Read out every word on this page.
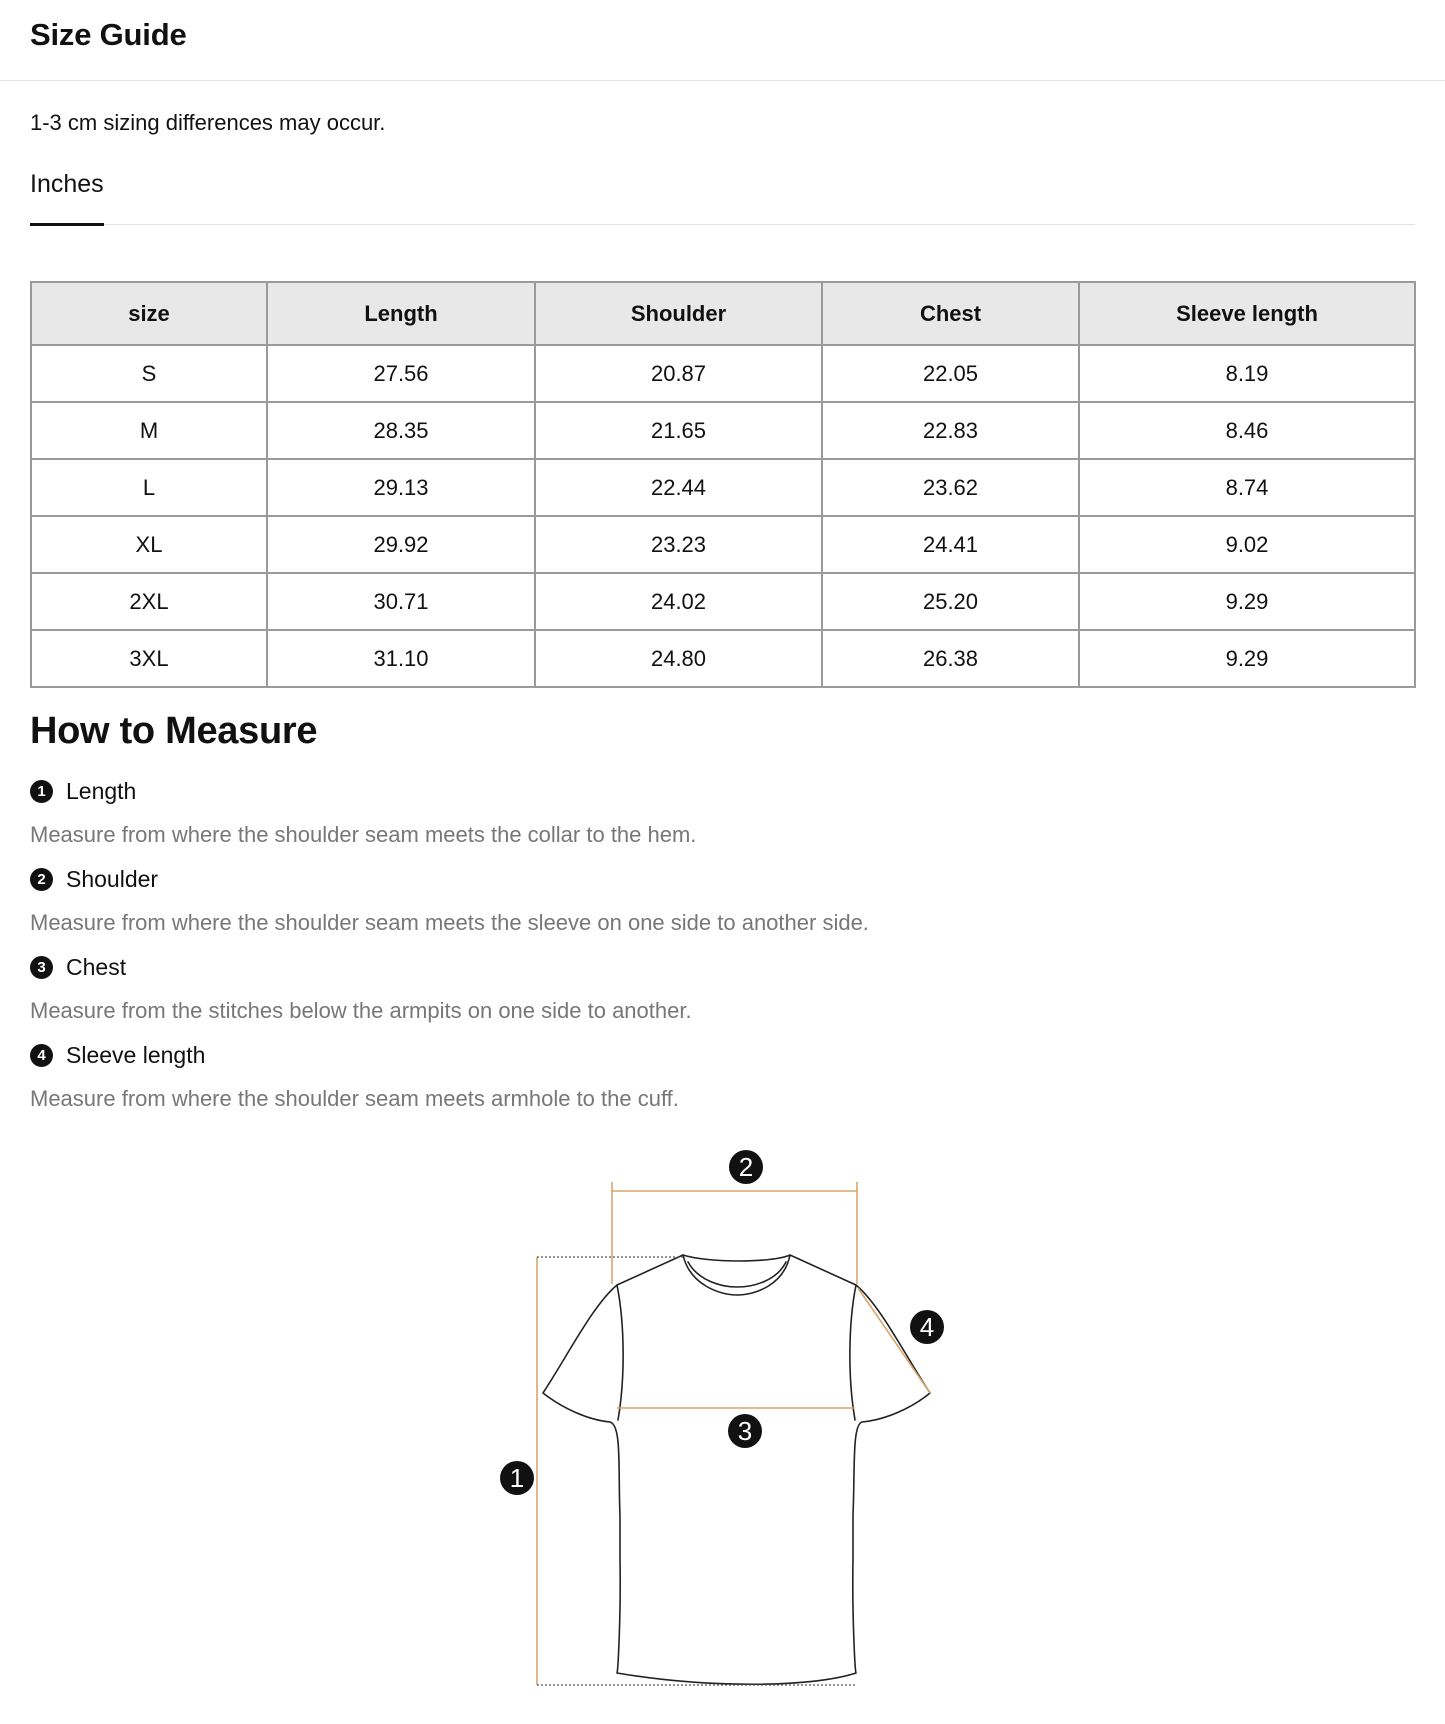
Size Guide

1-3 cm sizing differences may occur.

Inches
size	Length	Shoulder	Chest	Sleeve length
S	27.56	20.87	22.05	8.19
M	28.35	21.65	22.83	8.46
L	29.13	22.44	23.62	8.74
XL	29.92	23.23	24.41	9.02
2XL	30.71	24.02	25.20	9.29
3XL	31.10	24.80	26.38	9.29
How to Measure
1 Length

Measure from where the shoulder seam meets the collar to the hem.

2 Shoulder

Measure from where the shoulder seam meets the sleeve on one side to another side.

3 Chest

Measure from the stitches below the armpits on one side to another.

4 Sleeve length

Measure from where the shoulder seam meets armhole to the cuff.

1
2
3
4
